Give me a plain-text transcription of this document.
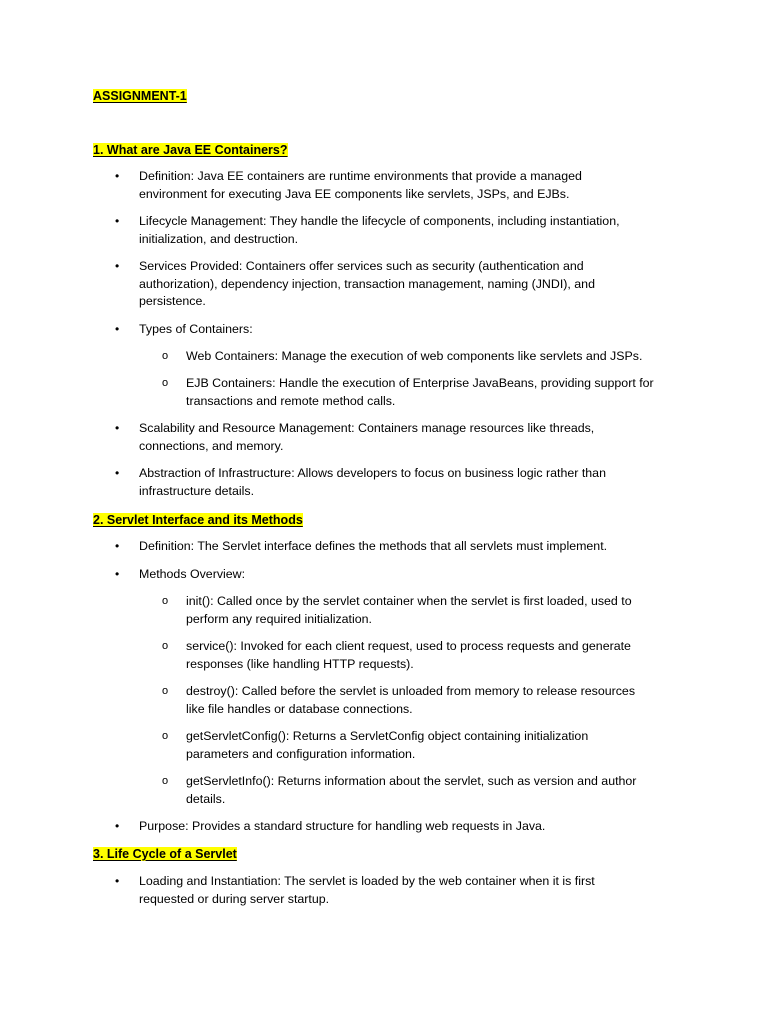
ASSIGNMENT-1
1. What are Java EE Containers?
• Definition: Java EE containers are runtime environments that provide a managed
environment for executing Java EE components like servlets, JSPs, and EJBs.
• Lifecycle Management: They handle the lifecycle of components, including instantiation,
initialization, and destruction.
• Services Provided: Containers offer services such as security (authentication and
authorization), dependency injection, transaction management, naming (JNDI), and
persistence.
• Types of Containers:
o Web Containers: Manage the execution of web components like servlets and JSPs.
o EJB Containers: Handle the execution of Enterprise JavaBeans, providing support for
transactions and remote method calls.
• Scalability and Resource Management: Containers manage resources like threads,
connections, and memory.
• Abstraction of Infrastructure: Allows developers to focus on business logic rather than
infrastructure details.
2. Servlet Interface and its Methods
• Definition: The Servlet interface defines the methods that all servlets must implement.
• Methods Overview:
o init(): Called once by the servlet container when the servlet is first loaded, used to
perform any required initialization.
o service(): Invoked for each client request, used to process requests and generate
responses (like handling HTTP requests).
o destroy(): Called before the servlet is unloaded from memory to release resources
like file handles or database connections.
o getServletConfig(): Returns a ServletConfig object containing initialization
parameters and configuration information.
o getServletInfo(): Returns information about the servlet, such as version and author
details.
• Purpose: Provides a standard structure for handling web requests in Java.
3. Life Cycle of a Servlet
• Loading and Instantiation: The servlet is loaded by the web container when it is first
requested or during server startup.
